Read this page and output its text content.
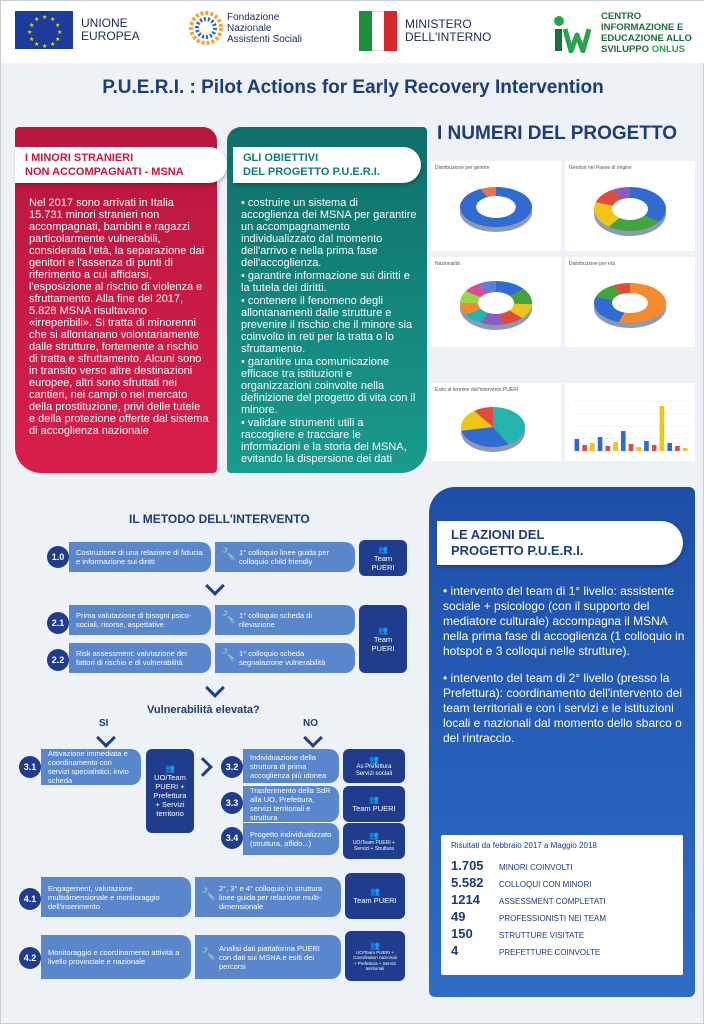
★ ★
★
★
★
★
★
★
★
★
★
★	UNIONE EUROPEA
Fondazione
Nazionale
Assistenti Sociali
MINISTERO DELL'INTERNO
CENTRO
INFORMAZIONE E
EDUCAZIONE ALLO
SVILUPPO ONLUS
P.U.E.R.I. : Pilot Actions for Early Recovery Intervention
I MINORI STRANIERI
NON ACCOMPAGNATI - MSNA
Nel 2017 sono arrivati in Italia 15.731 minori stranieri non accompagnati, bambini e ragazzi particolarmente vulnerabili, considerata l'età, la separazione dai genitori e l'assenza di punti di riferimento a cui affidarsi, l'esposizione al rischio di violenza e sfruttamento. Alla fine del 2017, 5.828 MSNA risultavano «irreperibili». Si tratta di minorenni che si allontanano volontariamente dalle strutture, fortemente a rischio di tratta e sfruttamento. Alcuni sono in transito verso altre destinazioni europee, altri sono sfruttati nei cantieri, nei campi o nel mercato della prostituzione, privi delle tutele e della protezione offerte dal sistema di accoglienza nazionale
GLI OBIETTIVI
DEL PROGETTO P.U.E.R.I.
• costruire un sistema di accoglienza dei MSNA per garantire un accompagnamento individualizzato dal momento dell'arrivo e nella prima fase dell'accoglienza.
• garantire informazione sui diritti e la tutela dei diritti.
• contenere il fenomeno degli allontanamenti dalle strutture e prevenire il rischio che il minore sia coinvolto in reti per la tratta o lo sfruttamento.
• garantire una comunicazione efficace tra istituzioni e organizzazioni coinvolte nella definizione del progetto di vita con il minore.
• validare strumenti utili a raccogliere e tracciare le informazioni e la storia del MSNA, evitando la dispersione dei dati
I NUMERI DEL PROGETTO
Distribuzione per genere	Genitori nel Paese di origine
Nazionalità	Distribuzione per età
Esito al termine dell'intervento PUERI
IL METODO DELL'INTERVENTO
1.0	Costruzione di una relazione di fiducia e informazione sui diritti
🔧 1° colloquio linee guida per colloquio child friendly
👥
Team PUERI
2.1
Prima valutazione di bisogni psico-sociali, risorse, aspettative
🔧 1° colloquio scheda di rilevazione
2.2
Risk assessment: valutazione dei fattori di rischio e di vulnerabilità
🔧 1° colloquio scheda segnalazione vulnerabilità
👥
Team PUERI
Vulnerabilità elevata?
SI	NO
3.1
Attivazione immediata e coordinamento con servizi specialistici; invio scheda
👥
UO/Team PUERI + Prefettura + Servizi territorio
3.2
Individuazione della struttura di prima accoglienza più idonea
👥
As Prefettura Servizi sociali
3.3
Trasferimento della SdR alla UO, Prefettura, servizi territoriali e struttura
👥
Team PUERI
3.4	Progetto individualizzato (struttura, affido...)
👥
UO/Team PUERI + Servizi + Struttura
4.1
Engagement, valutazione multidimensionale e monitoraggio dell'inserimento
🔧 2°, 3° e 4° colloquio in struttura linee guida per relazione multi-dimensionale
👥
Team PUERI
4.2
Monitoraggio e coordinamento attività a livello provinciale e nazionale
🔧 Analisi dati piattaforma PUERI con dati sui MSNA e esiti dei percorsi
👥
UO/Team PUERI + Coordinatori nazionali + Prefettura + Servizi territoriali
LE AZIONI DEL
PROGETTO P.U.E.R.I.

• intervento del team di 1° livello: assistente sociale + psicologo (con il supporto del mediatore culturale) accompagna il MSNA nella prima fase di accoglienza (1 colloquio in hotspot e 3 colloqui nelle strutture).

• intervento del team di 2° livello (presso la Prefettura): coordinamento dell'intervento dei team territoriali e con i servizi e le istituzioni locali e nazionali dal momento dello sbarco o del rintraccio.

Risultati da febbraio 2017 a Maggio 2018
1.705	MINORI COINVOLTI
5.582	COLLOQUI CON MINORI
1214	ASSESSMENT COMPLETATI
49	PROFESSIONISTI NEI TEAM
150	STRUTTURE VISITATE
4	PREFETTURE COINVOLTE
